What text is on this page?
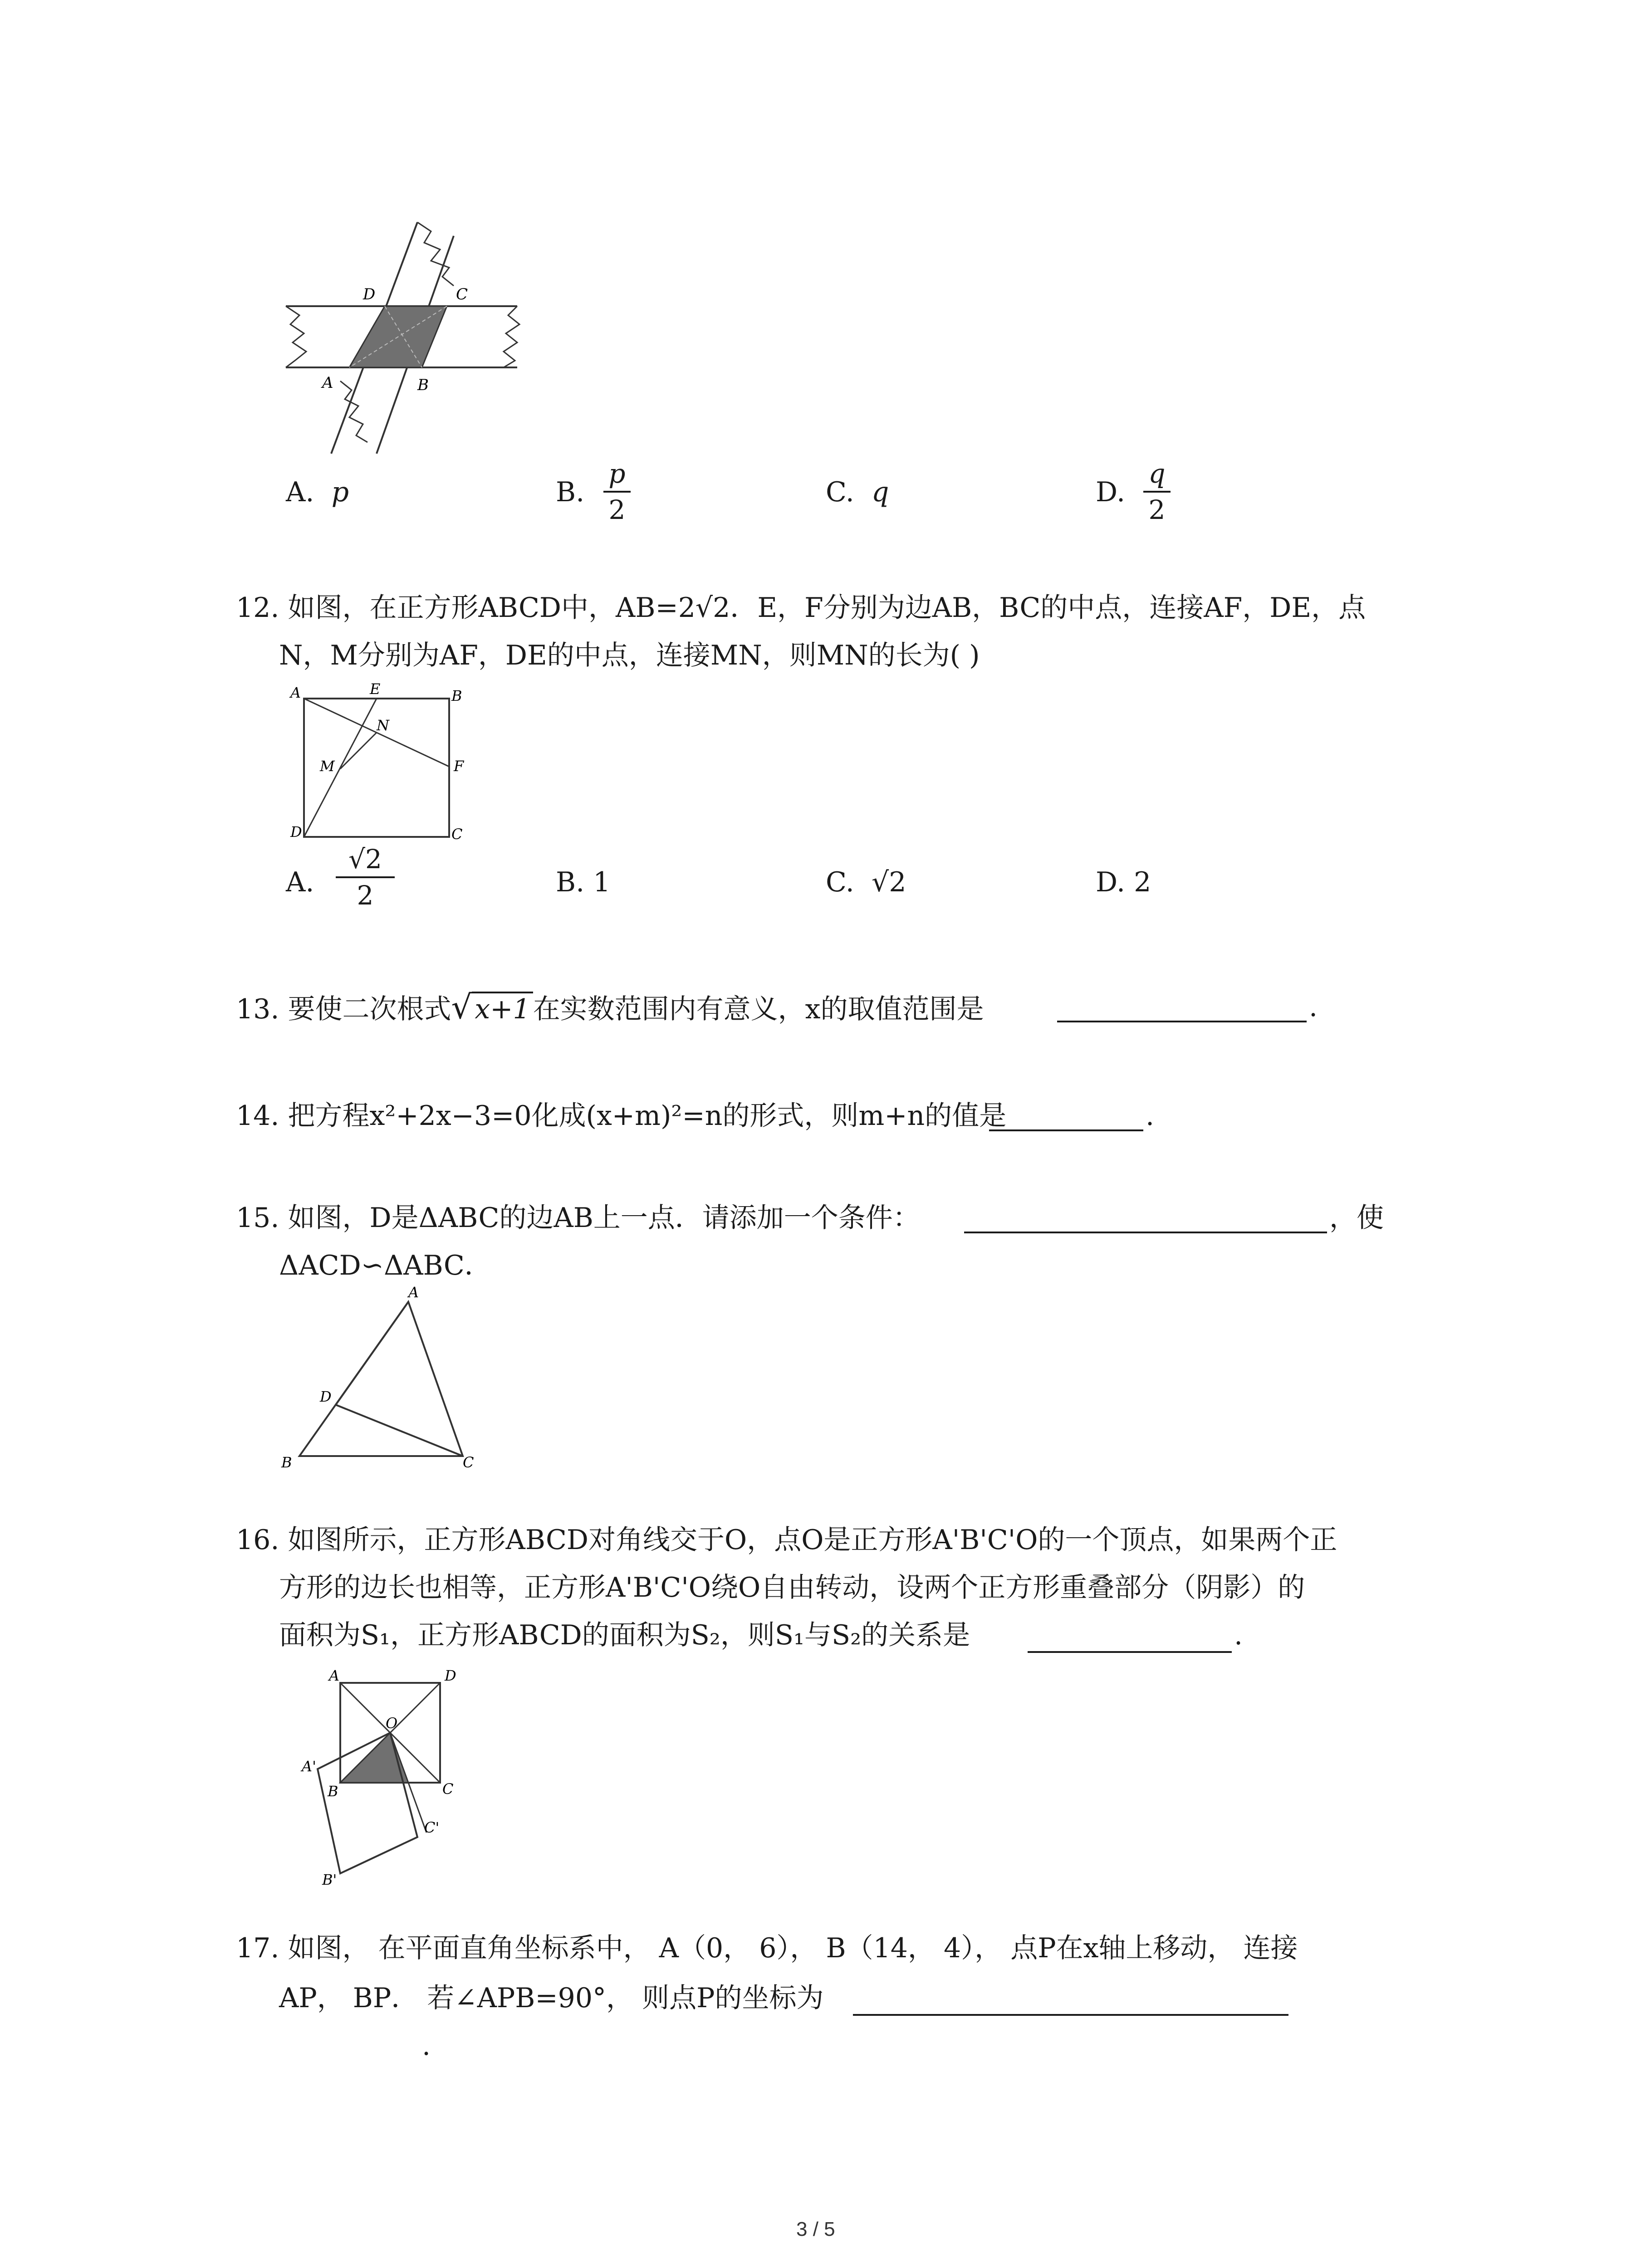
D	C
A	B
A. p	B.
p
2
C. q	D.
q
2
12. 如图，在正方形ABCD中，AB=2√2．E，F分别为边AB，BC的中点，连接AF，DE，点
N，M分别为AF，DE的中点，连接MN，则MN的长为( )
A	E	B
N
M	F
D	C
A.
√2
2	B. 1	C. √2	D. 2
13. 要使二次根式√ x+1 在实数范围内有意义，x的取值范围是	.
14. 把方程x²+2x−3=0化成(x+m)²=n的形式，则m+n的值是	.
15. 如图，D是ΔABC的边AB上一点．请添加一个条件：	，使
ΔACD∽ΔABC．
A
D
B	C
16. 如图所示，正方形ABCD对角线交于O，点O是正方形A'B'C'O的一个顶点，如果两个正
方形的边长也相等，正方形A'B'C'O绕O自由转动，设两个正方形重叠部分（阴影）的
面积为S₁，正方形ABCD的面积为S₂，则S₁与S₂的关系是	.
A	D
O
A'
B	C
C'
B'
17. 如图， 在平面直角坐标系中， A（0， 6）， B（14， 4）， 点P在x轴上移动， 连接
AP， BP． 若∠APB=90°， 则点P的坐标为
.
3 / 5
